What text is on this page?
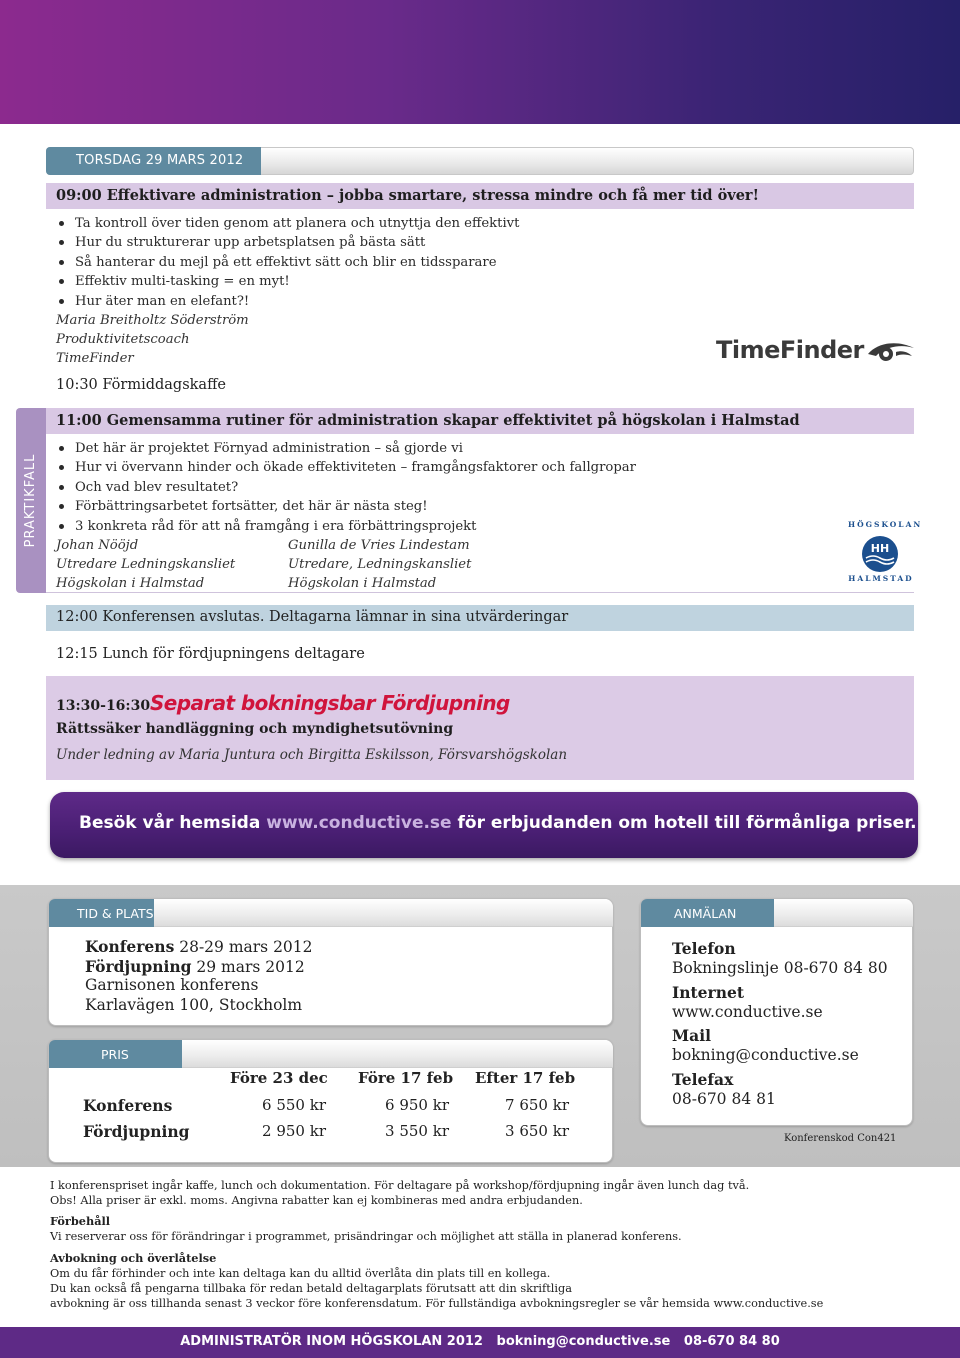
TORSDAG 29 MARS 2012
09:00 Effektivare administration – jobba smartare, stressa mindre och få mer tid över!
Ta kontroll över tiden genom att planera och utnyttja den effektivt
Hur du strukturerar upp arbetsplatsen på bästa sätt
Så hanterar du mejl på ett effektivt sätt och blir en tidssparare
Effektiv multi-tasking = en myt!
Hur äter man en elefant?!
Maria Breitholtz Söderström
Produktivitetscoach
TimeFinder
10:30 Förmiddagskaffe
TimeFinder
PRAKTIKFALL
11:00 Gemensamma rutiner för administration skapar effektivitet på högskolan i Halmstad
Det här är projektet Förnyad administration – så gjorde vi
Hur vi övervann hinder och ökade effektiviteten – framgångsfaktorer och fallgropar
Och vad blev resultatet?
Förbättringsarbetet fortsätter, det här är nästa steg!
3 konkreta råd för att nå framgång i era förbättringsprojekt
Johan Nööjd
Utredare Ledningskansliet
Högskolan i Halmstad
Gunilla de Vries Lindestam
Utredare, Ledningskansliet
Högskolan i Halmstad
HH
HÖGSKOLAN
HALMSTAD
12:00 Konferensen avslutas. Deltagarna lämnar in sina utvärderingar
12:15 Lunch för fördjupningens deltagare
13:30-16:30 Separat bokningsbar Fördjupning
Rättssäker handläggning och myndighetsutövning
Under ledning av Maria Juntura och Birgitta Eskilsson, Försvarshögskolan
Besök vår hemsida www.conductive.se för erbjudanden om hotell till förmånliga priser.
TID & PLATS
Konferens 28-29 mars 2012
Fördjupning 29 mars 2012
Garnisonen konferens
Karlavägen 100, Stockholm
PRIS
Före 23 dec Före 17 feb Efter 17 feb
Konferens	6 550 kr	6 950 kr	7 650 kr
Fördjupning	2 950 kr	3 550 kr	3 650 kr
ANMÄLAN
Telefon
Bokningslinje 08-670 84 80
Internet
www.conductive.se
Mail
bokning@conductive.se
Telefax
08-670 84 81
Konferenskod Con421
I konferenspriset ingår kaffe, lunch och dokumentation. För deltagare på workshop/fördjupning ingår även lunch dag två.
Obs! Alla priser är exkl. moms. Angivna rabatter kan ej kombineras med andra erbjudanden.
Förbehåll
Vi reserverar oss för förändringar i programmet, prisändringar och möjlighet att ställa in planerad konferens.
Avbokning och överlåtelse
Om du får förhinder och inte kan deltaga kan du alltid överlåta din plats till en kollega.
Du kan också få pengarna tillbaka för redan betald deltagarplats förutsatt att din skriftliga
avbokning är oss tillhanda senast 3 veckor före konferensdatum. För fullständiga avbokningsregler se vår hemsida www.conductive.se
ADMINISTRATÖR INOM HÖGSKOLAN 2012   bokning@conductive.se   08-670 84 80
